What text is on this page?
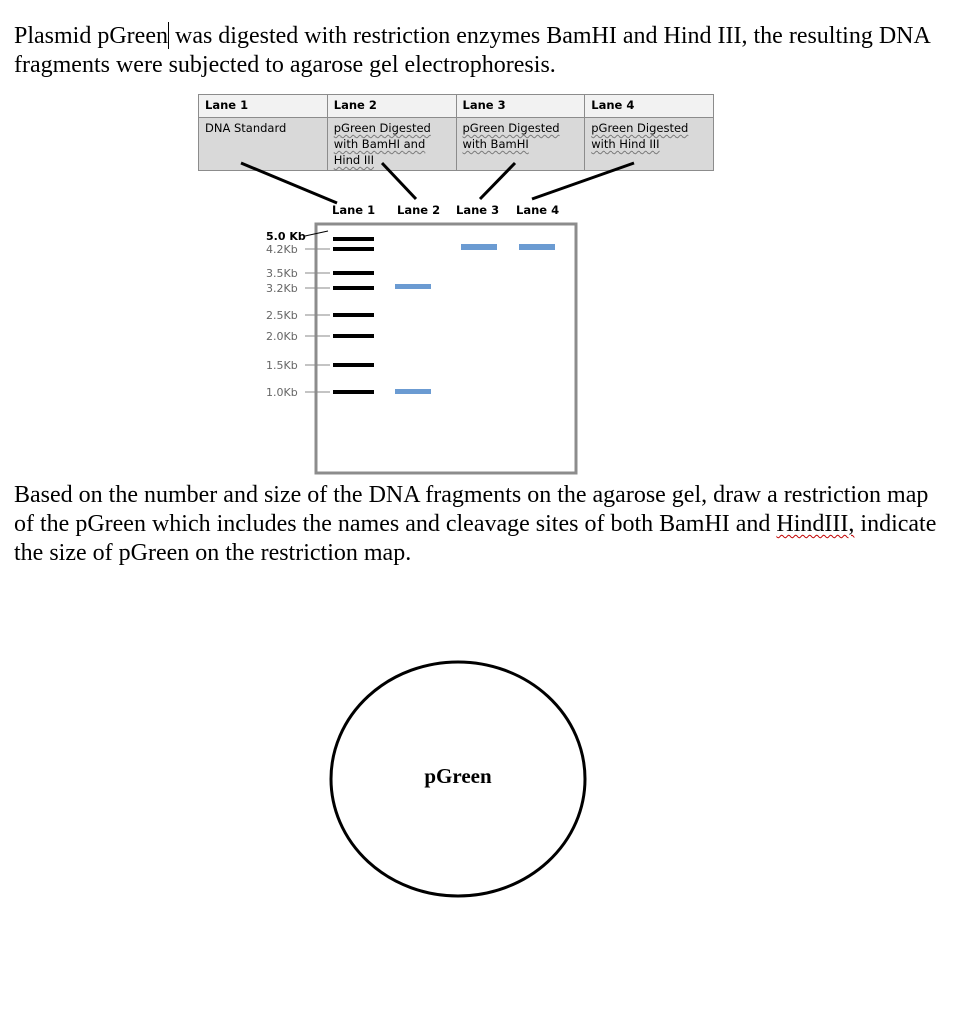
Plasmid pGreen was digested with restriction enzymes BamHI and Hind III, the resulting DNA fragments were subjected to agarose gel electrophoresis.

Lane 1	Lane 2	Lane 3	Lane 4
DNA Standard	pGreen Digested with BamHI and Hind III	pGreen Digested with BamHI	pGreen Digested with Hind III
Lane 1 Lane 2 Lane 3 Lane 4
5.0 Kb
4.2Kb
3.5Kb
3.2Kb
2.5Kb
2.0Kb
1.5Kb
1.0Kb

Based on the number and size of the DNA fragments on the agarose gel, draw a restriction map of the pGreen which includes the names and cleavage sites of both BamHI and HindIII, indicate the size of pGreen on the restriction map.

pGreen
